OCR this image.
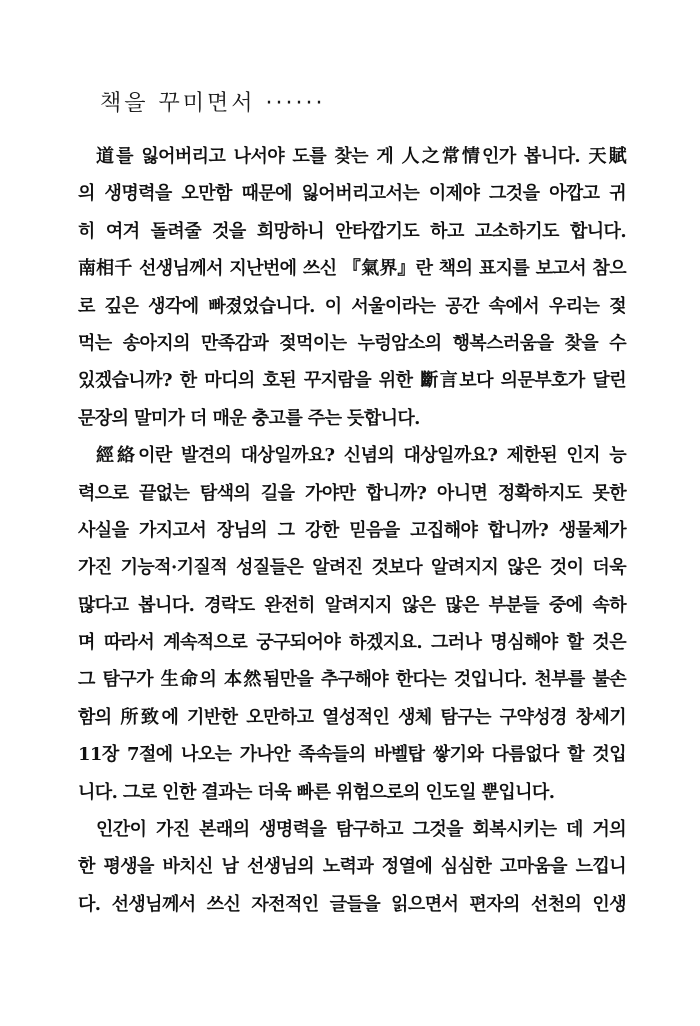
책을 꾸미면서 ······
道를 잃어버리고 나서야 도를 찾는 게 人之常情인가 봅니다. 天賦
의 생명력을 오만함 때문에 잃어버리고서는 이제야 그것을 아깝고 귀
히 여겨 돌려줄 것을 희망하니 안타깝기도 하고 고소하기도 합니다.
南相千 선생님께서 지난번에 쓰신 『氣界』란 책의 표지를 보고서 참으
로 깊은 생각에 빠졌었습니다. 이 서울이라는 공간 속에서 우리는 젖
먹는 송아지의 만족감과 젖먹이는 누렁암소의 행복스러움을 찾을 수
있겠습니까? 한 마디의 호된 꾸지람을 위한 斷言보다 의문부호가 달린
문장의 말미가 더 매운 충고를 주는 듯합니다.
經絡이란 발견의 대상일까요? 신념의 대상일까요? 제한된 인지 능
력으로 끝없는 탐색의 길을 가야만 합니까? 아니면 정확하지도 못한
사실을 가지고서 장님의 그 강한 믿음을 고집해야 합니까? 생물체가
가진 기능적·기질적 성질들은 알려진 것보다 알려지지 않은 것이 더욱
많다고 봅니다. 경락도 완전히 알려지지 않은 많은 부분들 중에 속하
며 따라서 계속적으로 궁구되어야 하겠지요. 그러나 명심해야 할 것은
그 탐구가 生命의 本然됨만을 추구해야 한다는 것입니다. 천부를 불손
함의 所致에 기반한 오만하고 열성적인 생체 탐구는 구약성경 창세기
11장 7절에 나오는 가나안 족속들의 바벨탑 쌓기와 다름없다 할 것입
니다. 그로 인한 결과는 더욱 빠른 위험으로의 인도일 뿐입니다.
인간이 가진 본래의 생명력을 탐구하고 그것을 회복시키는 데 거의
한 평생을 바치신 남 선생님의 노력과 정열에 심심한 고마움을 느낍니
다. 선생님께서 쓰신 자전적인 글들을 읽으면서 편자의 선천의 인생
